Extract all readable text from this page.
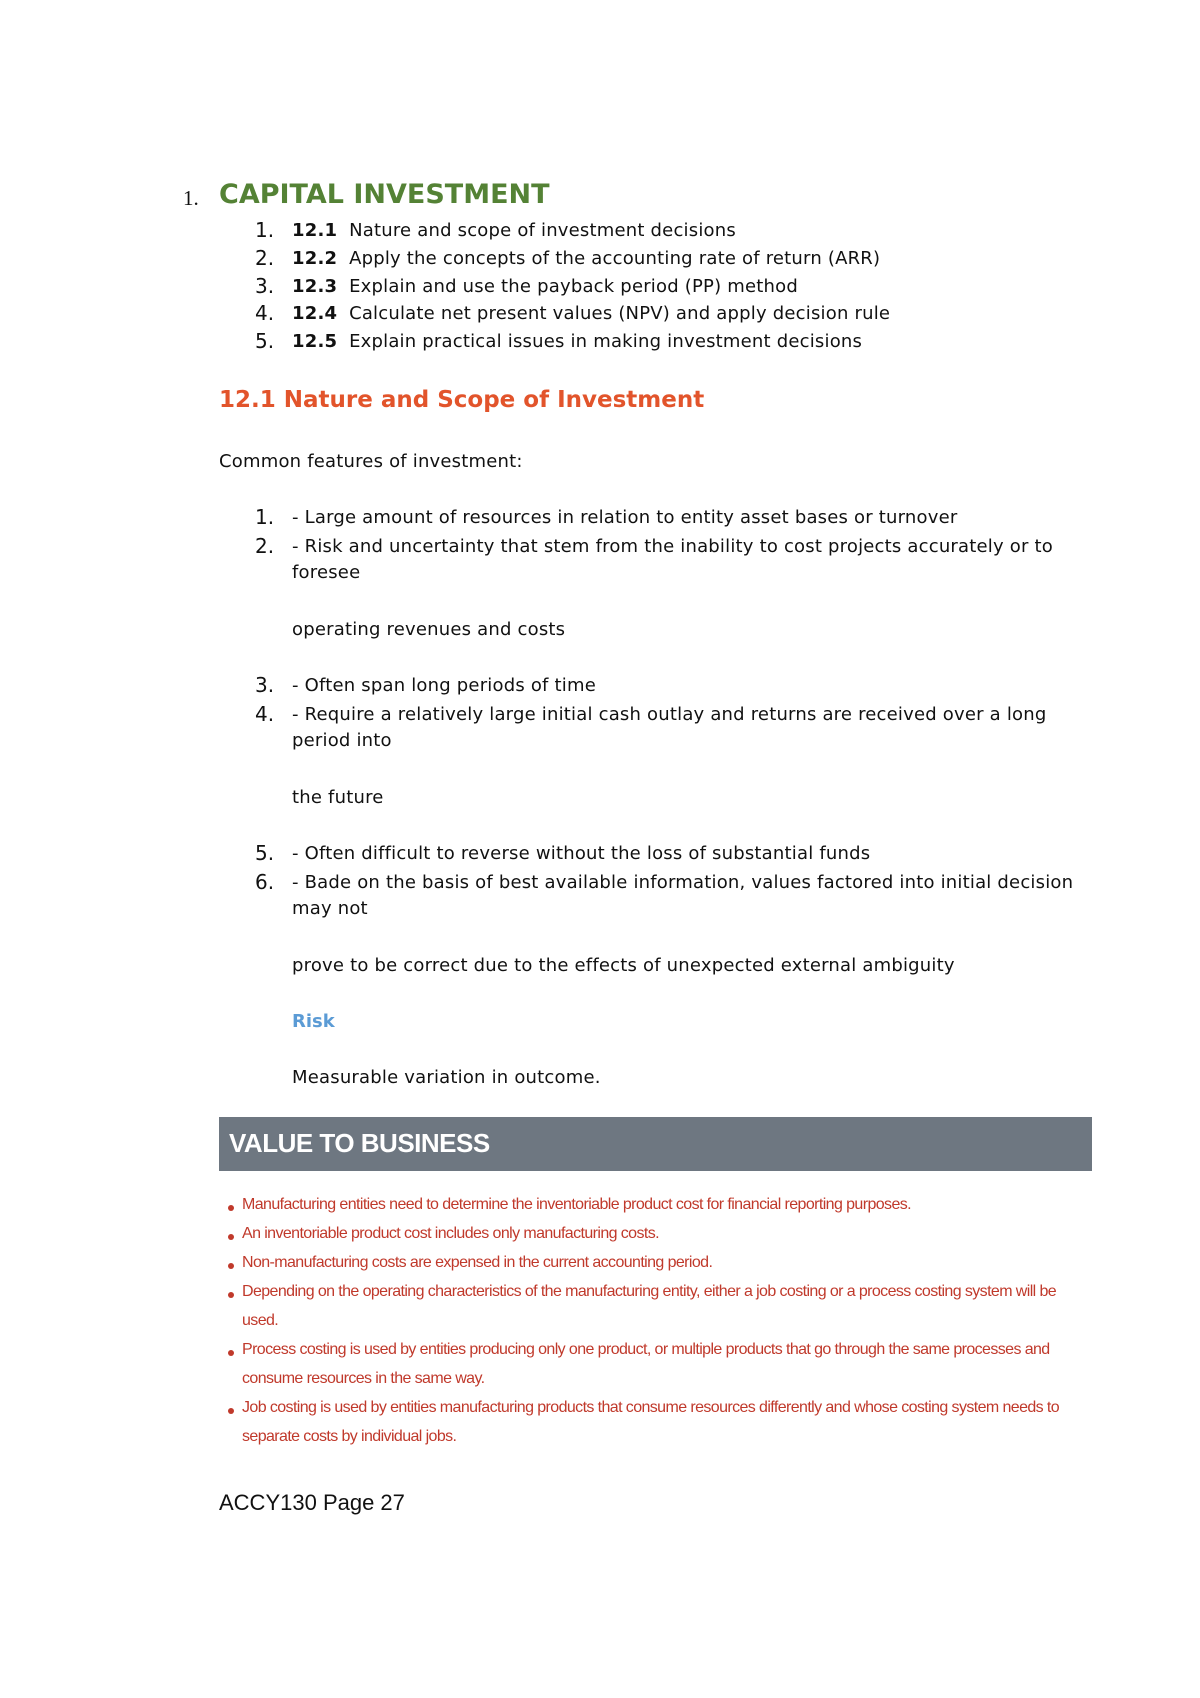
1. CAPITAL INVESTMENT
1. 12.1 Nature and scope of investment decisions
2. 12.2 Apply the concepts of the accounting rate of return (ARR)
3. 12.3 Explain and use the payback period (PP) method
4. 12.4 Calculate net present values (NPV) and apply decision rule
5. 12.5 Explain practical issues in making investment decisions
12.1 Nature and Scope of Investment
Common features of investment:
1. - Large amount of resources in relation to entity asset bases or turnover
2. - Risk and uncertainty that stem from the inability to cost projects accurately or to
foresee
operating revenues and costs
3. - Often span long periods of time
4. - Require a relatively large initial cash outlay and returns are received over a long
period into
the future
5. - Often difficult to reverse without the loss of substantial funds
6. - Bade on the basis of best available information, values factored into initial decision
may not
prove to be correct due to the effects of unexpected external ambiguity
Risk
Measurable variation in outcome.
VALUE TO BUSINESS
Manufacturing entities need to determine the inventoriable product cost for financial reporting purposes.
An inventoriable product cost includes only manufacturing costs.
Non-manufacturing costs are expensed in the current accounting period.
Depending on the operating characteristics of the manufacturing entity, either a job costing or a process costing system will be
used.
Process costing is used by entities producing only one product, or multiple products that go through the same processes and
consume resources in the same way.
Job costing is used by entities manufacturing products that consume resources differently and whose costing system needs to
separate costs by individual jobs.
ACCY130 Page 27
